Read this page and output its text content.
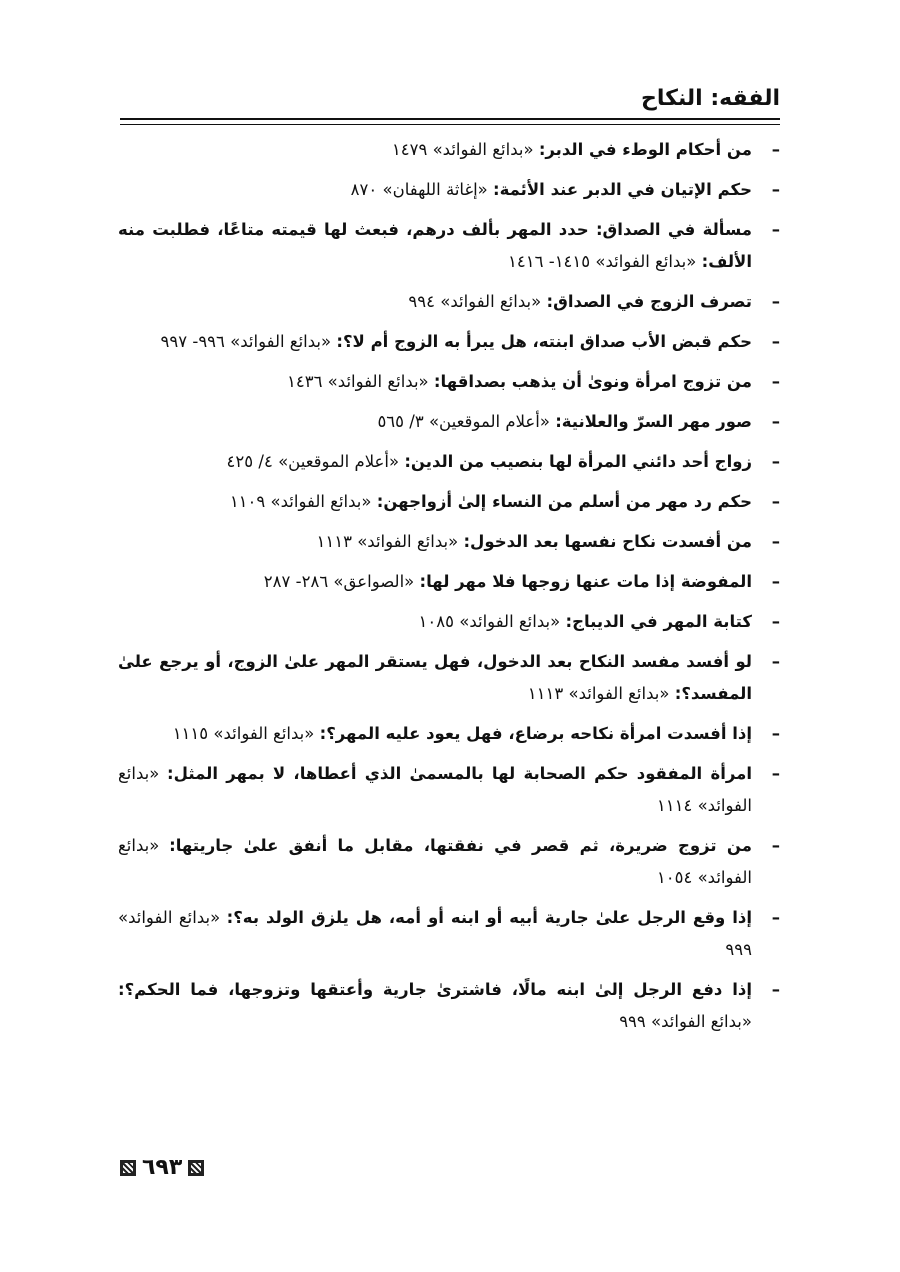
الفقه: النكاح
– من أحكام الوطء في الدبر: «بدائع الفوائد» ١٤٧٩
– حكم الإتيان في الدبر عند الأئمة: «إغاثة اللهفان» ٨٧٠
– مسألة في الصداق: حدد المهر بألف درهم، فبعث لها قيمته متاعًا، فطلبت منه الألف: «بدائع الفوائد» ١٤١٥- ١٤١٦
– تصرف الزوج في الصداق: «بدائع الفوائد» ٩٩٤
– حكم قبض الأب صداق ابنته، هل يبرأ به الزوج أم لا؟: «بدائع الفوائد» ٩٩٦- ٩٩٧
– من تزوج امرأة ونوىٰ أن يذهب بصداقها: «بدائع الفوائد» ١٤٣٦
– صور مهر السرّ والعلانية: «أعلام الموقعين» ٣/ ٥٦٥
– زواج أحد دائني المرأة لها بنصيب من الدين: «أعلام الموقعين» ٤/ ٤٢٥
– حكم رد مهر من أسلم من النساء إلىٰ أزواجهن: «بدائع الفوائد» ١١٠٩
– من أفسدت نكاح نفسها بعد الدخول: «بدائع الفوائد» ١١١٣
– المفوضة إذا مات عنها زوجها فلا مهر لها: «الصواعق» ٢٨٦- ٢٨٧
– كتابة المهر في الديباج: «بدائع الفوائد» ١٠٨٥
– لو أفسد مفسد النكاح بعد الدخول، فهل يستقر المهر علىٰ الزوج، أو يرجع علىٰ المفسد؟: «بدائع الفوائد» ١١١٣
– إذا أفسدت امرأة نكاحه برضاع، فهل يعود عليه المهر؟: «بدائع الفوائد» ١١١٥
– امرأة المفقود حكم الصحابة لها بالمسمىٰ الذي أعطاها، لا بمهر المثل: «بدائع الفوائد» ١١١٤
– من تزوج ضريرة، ثم قصر في نفقتها، مقابل ما أنفق علىٰ جاريتها: «بدائع الفوائد» ١٠٥٤
– إذا وقع الرجل علىٰ جارية أبيه أو ابنه أو أمه، هل يلزق الولد به؟: «بدائع الفوائد» ٩٩٩
– إذا دفع الرجل إلىٰ ابنه مالًا، فاشترىٰ جارية وأعتقها وتزوجها، فما الحكم؟: «بدائع الفوائد» ٩٩٩
٦٩٣
